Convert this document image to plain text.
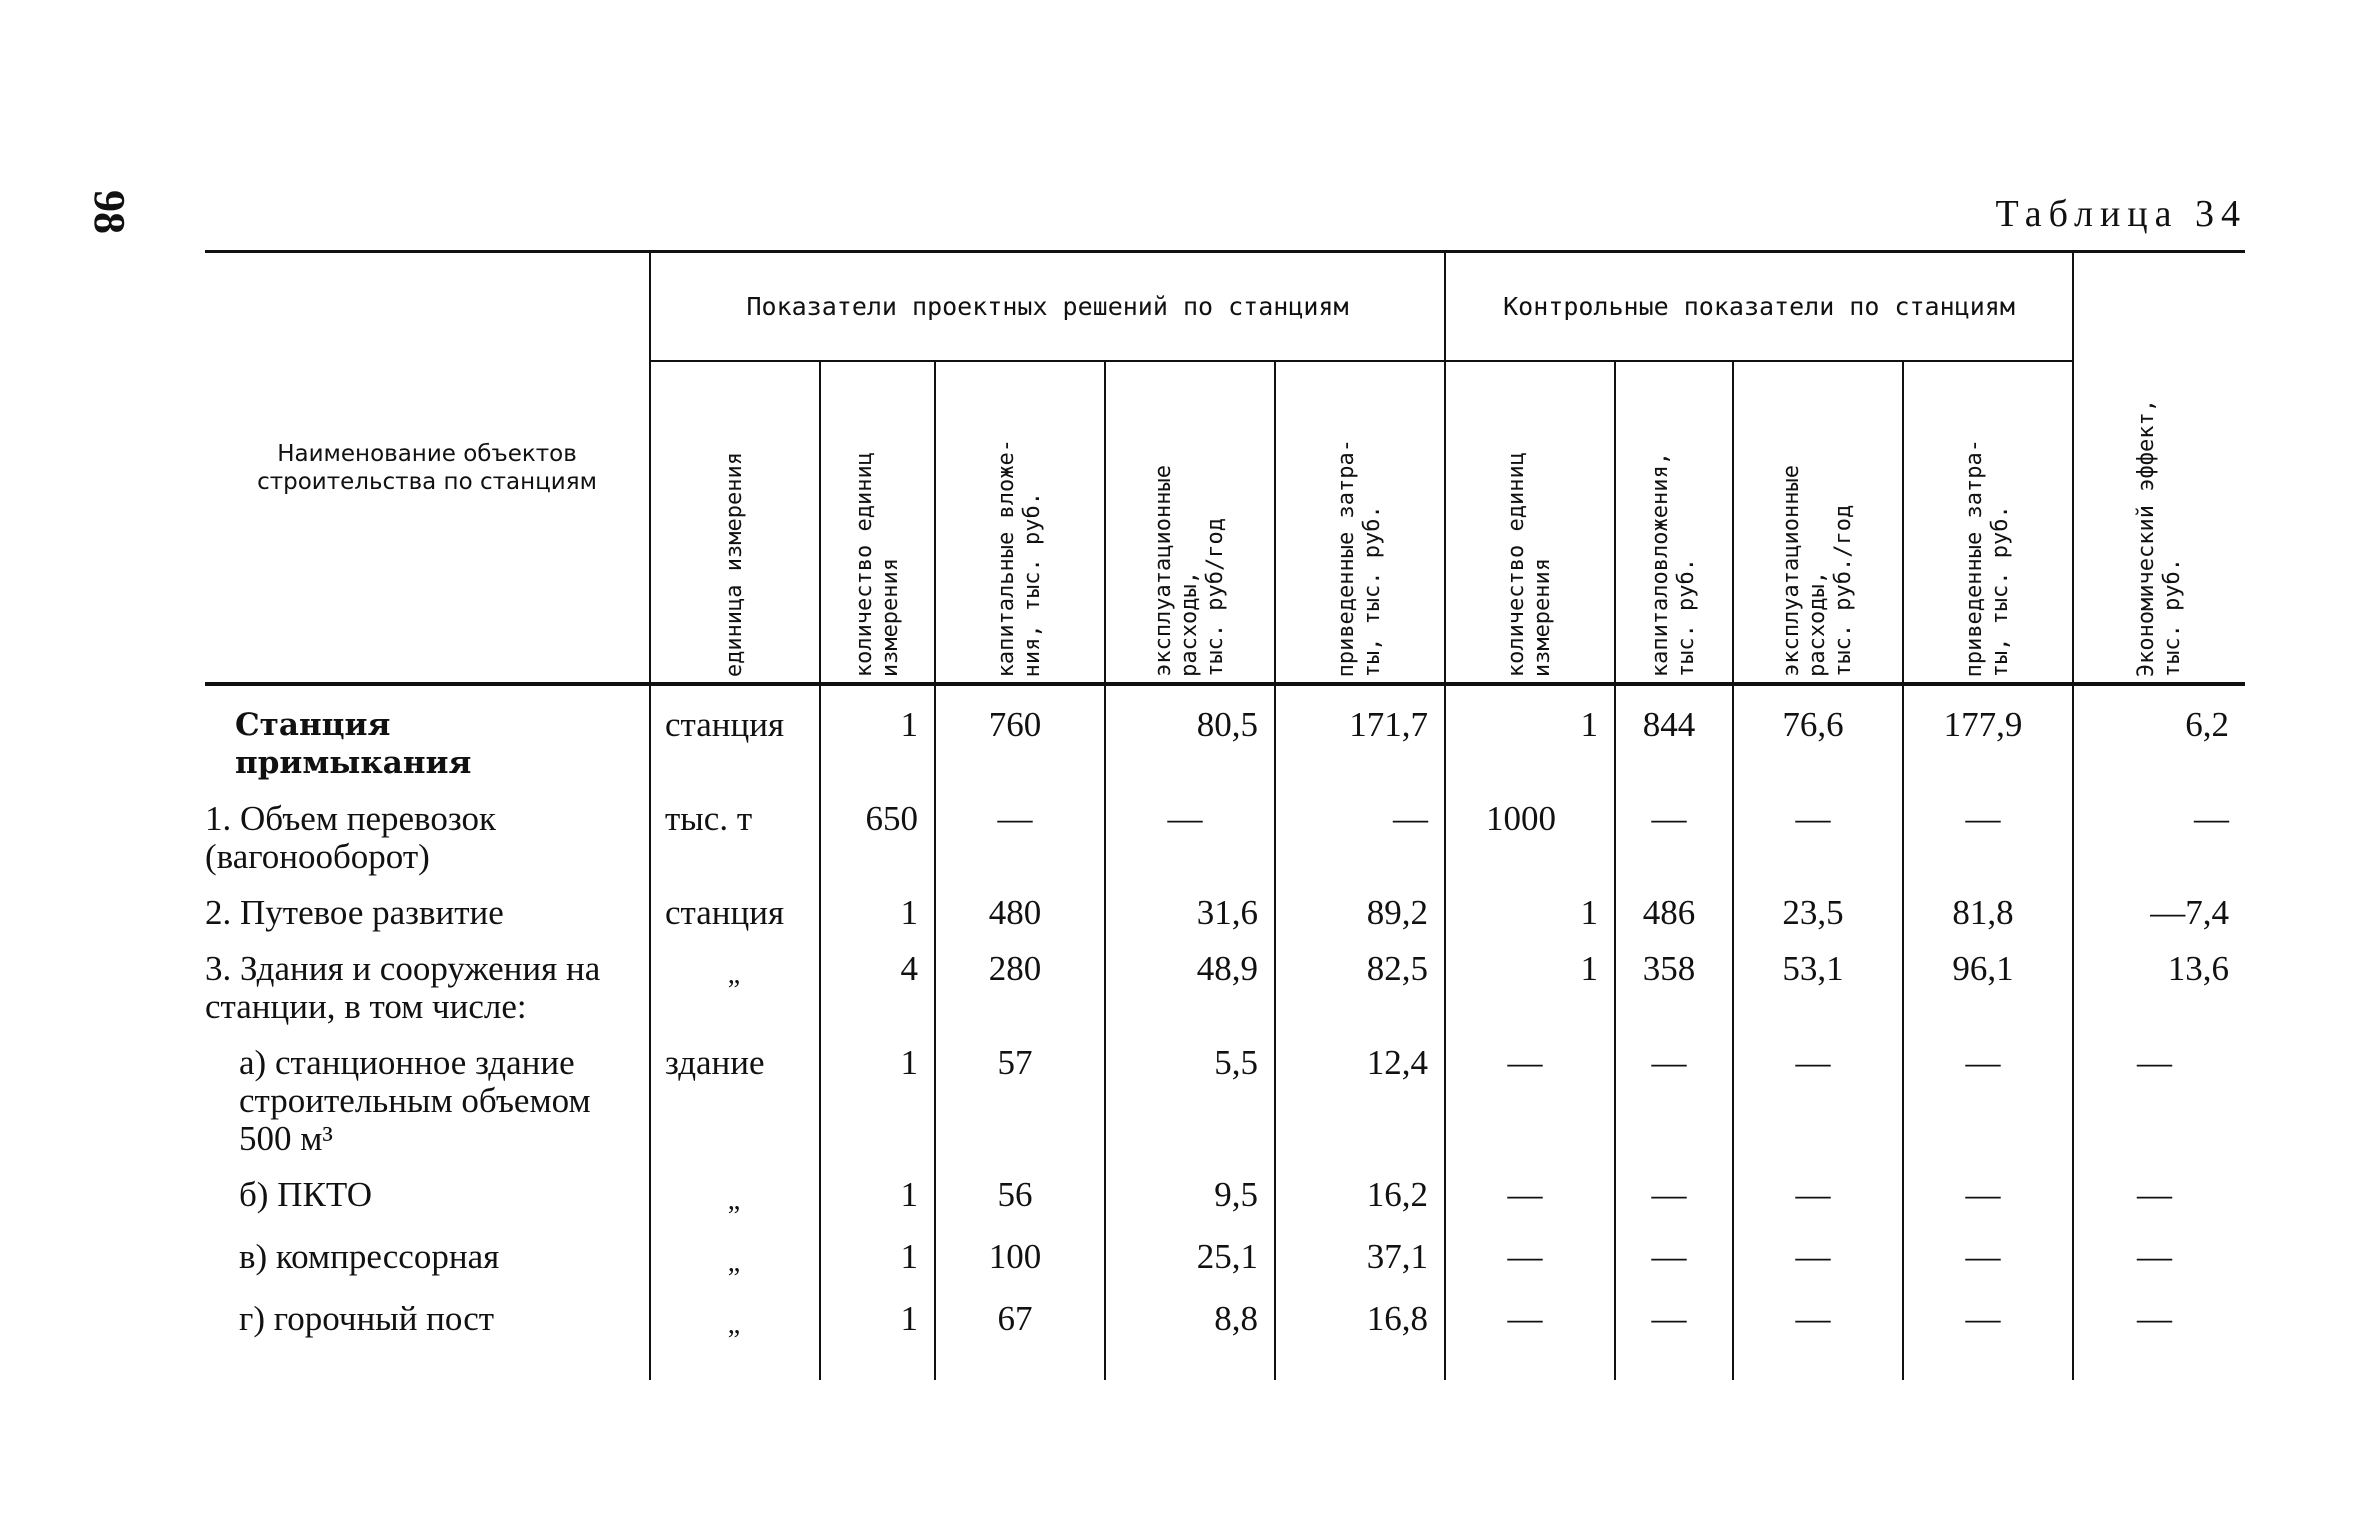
98	Таблица 34
Наименование объектов строительства по станциям	Показатели проектных решений по станциям					Контрольные показатели по станциям				Экономический эффект,
тыс. руб.
	единица измерения	количество единиц
измерения	капитальные вложе-
ния, тыс. руб.	эксплуатационные
расходы,
тыс. руб/год	приведенные затра-
ты, тыс. руб.	количество единиц
измерения	капиталовложения,
тыс. руб.	эксплуатационные
расходы,
тыс. руб./год	приведенные затра-
ты, тыс. руб.	

Станция примыкания	станция	1	760	80,5	171,7	1	844	76,6	177,9	6,2
1. Объем перевозок (вагонооборот)	тыс. т	650	—	—	—	1000	—	—	—	—
2. Путевое развитие	станция	1	480	31,6	89,2	1	486	23,5	81,8	—7,4
3. Здания и сооружения на станции, в том числе:	„	4	280	48,9	82,5	1	358	53,1	96,1	13,6

а) станционное здание строительным объемом 500 м³	здание	1	57	5,5	12,4	—	—	—	—	—

б) ПКТО	„	1	56	9,5	16,2	—	—	—	—	—

в) компрессорная	„	1	100	25,1	37,1	—	—	—	—	—

г) горочный пост	„	1	67	8,8	16,8	—	—	—	—	—
